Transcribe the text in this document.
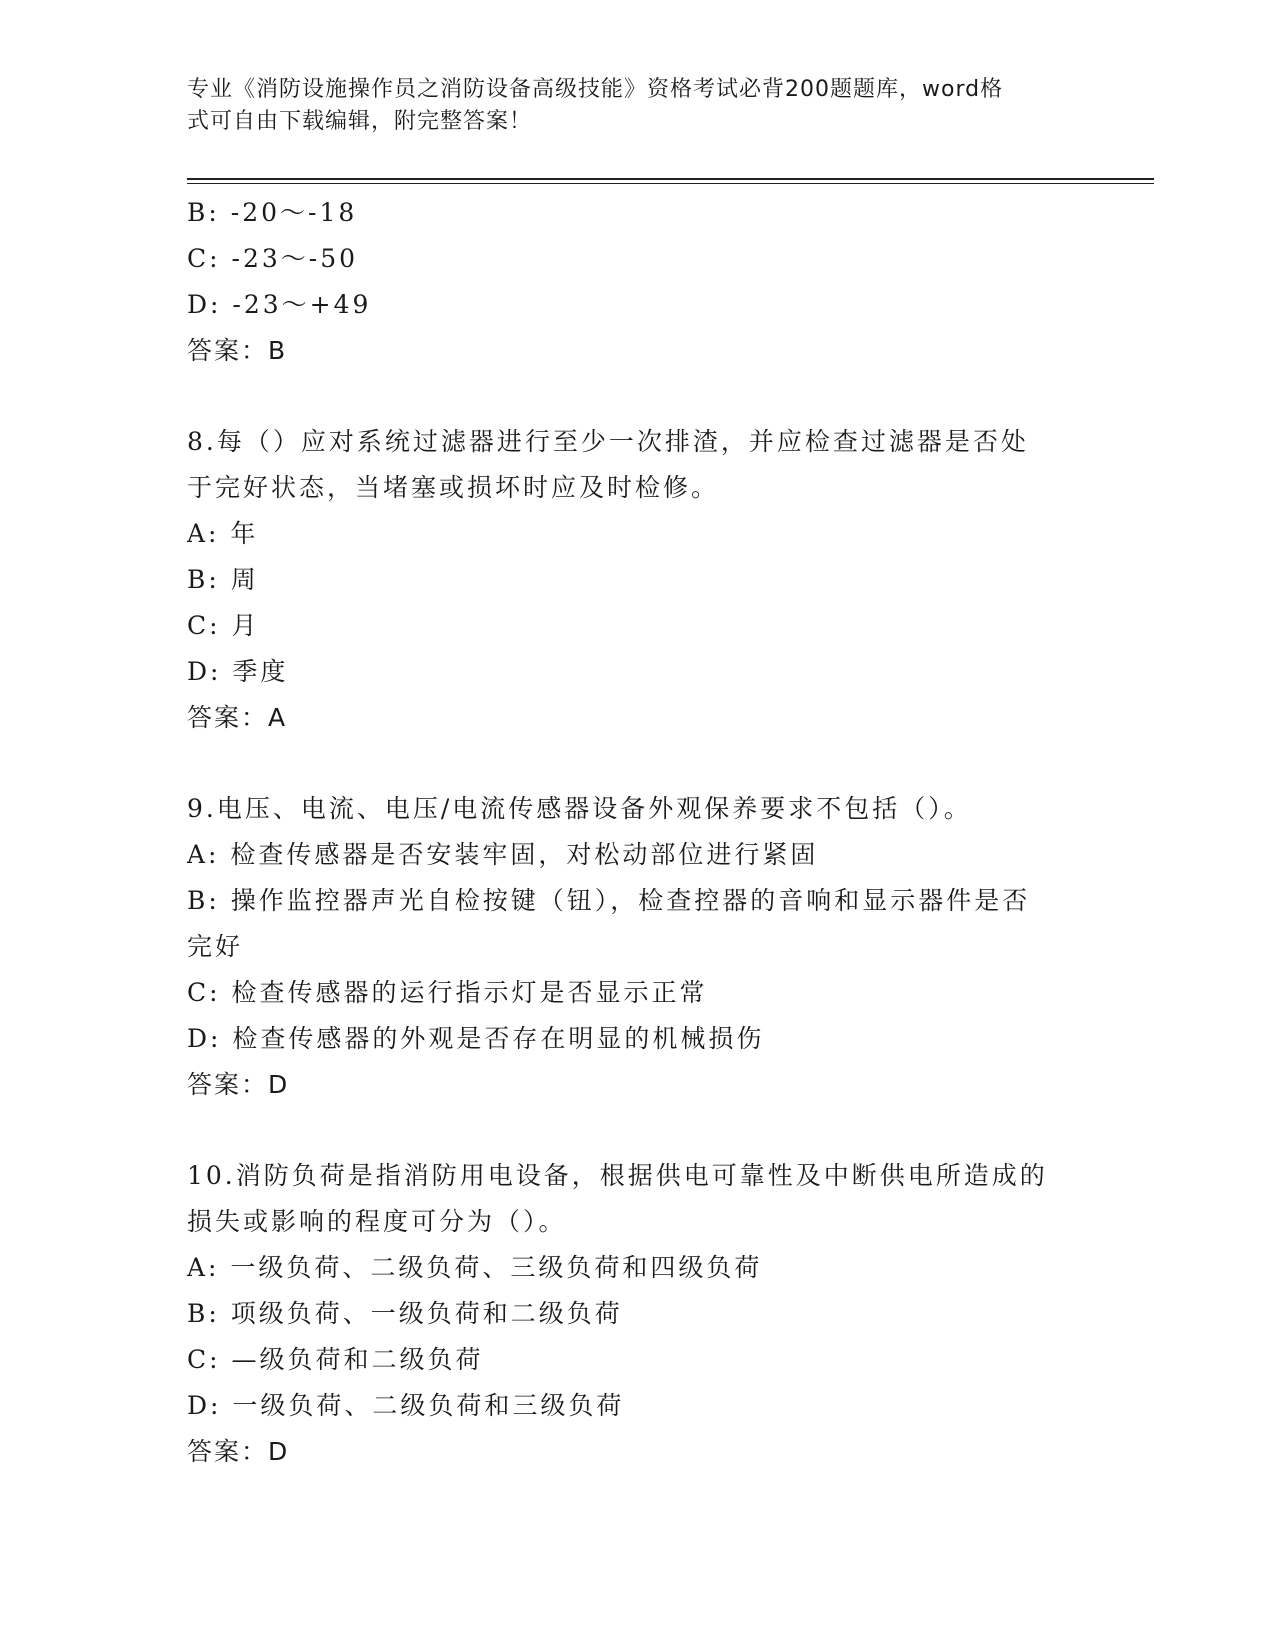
专业《消防设施操作员之消防设备高级技能》资格考试必背200题题库，word格
式可自由下载编辑，附完整答案！
B: -20～-18
C: -23～-50
D: -23～+49
答案：B
8.每（）应对系统过滤器进行至少一次排渣，并应检查过滤器是否处
于完好状态，当堵塞或损坏时应及时检修。
A: 年
B: 周
C: 月
D: 季度
答案：A
9.电压、电流、电压/电流传感器设备外观保养要求不包括（）。
A: 检查传感器是否安装牢固，对松动部位进行紧固
B: 操作监控器声光自检按键（钮），检查控器的音响和显示器件是否
完好
C: 检查传感器的运行指示灯是否显示正常
D: 检查传感器的外观是否存在明显的机械损伤
答案：D
10.消防负荷是指消防用电设备，根据供电可靠性及中断供电所造成的
损失或影响的程度可分为（）。
A: 一级负荷、二级负荷、三级负荷和四级负荷
B: 项级负荷、一级负荷和二级负荷
C: —级负荷和二级负荷
D: 一级负荷、二级负荷和三级负荷
答案：D
